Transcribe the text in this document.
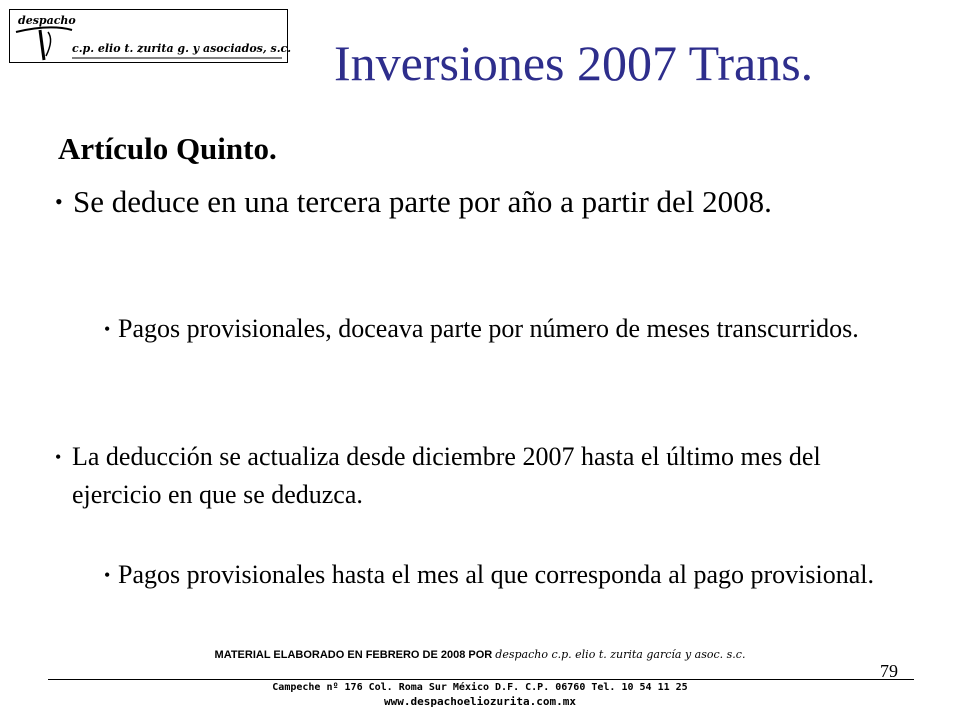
despacho
c.p. elio t. zurita g. y asociados, s.c. Inversiones 2007 Trans.
Artículo Quinto.
• Se deduce en una tercera parte por año a partir del 2008.
• Pagos provisionales, doceava parte por número de meses transcurridos.
• La deducción se actualiza desde diciembre 2007 hasta el último mes del ejercicio en que se deduzca.
• Pagos provisionales hasta el mes al que corresponda al pago provisional.
MATERIAL ELABORADO EN FEBRERO DE 2008 POR despacho c.p. elio t. zurita garcía y asoc. s.c.
79
Campeche nº 176 Col. Roma Sur México D.F. C.P. 06760 Tel. 10 54 11 25
www.despachoeliozurita.com.mx
